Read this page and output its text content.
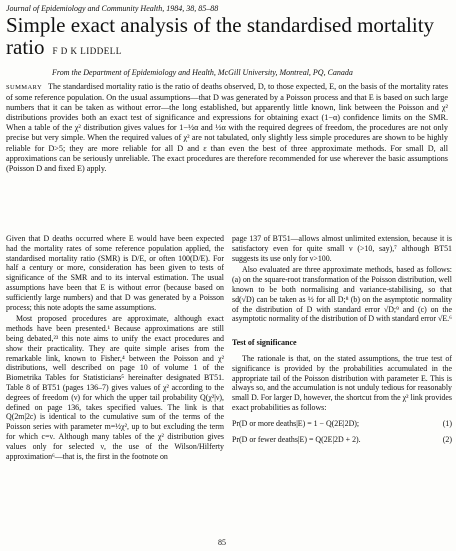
Journal of Epidemiology and Community Health, 1984, 38, 85–88
Simple exact analysis of the standardised mortality
ratio F D K LIDDELL
From the Department of Epidemiology and Health, McGill University, Montreal, PQ, Canada
SUMMARY The standardised mortality ratio is the ratio of deaths observed, D, to those expected, E, on the basis of the mortality rates of some reference population. On the usual assumptions—that D was generated by a Poisson process and that E is based on such large numbers that it can be taken as without error—the long established, but apparently little known, link between the Poisson and χ² distributions provides both an exact test of significance and expressions for obtaining exact (1−α) confidence limits on the SMR. When a table of the χ² distribution gives values for 1−½α and ½α with the required degrees of freedom, the procedures are not only precise but very simple. When the required values of χ² are not tabulated, only slightly less simple procedures are shown to be highly reliable for D>5; they are more reliable for all D and ε than even the best of three approximate methods. For small D, all approximations can be seriously unreliable. The exact procedures are therefore recommended for use wherever the basic assumptions (Poisson D and fixed E) apply.

Given that D deaths occurred where E would have been expected had the mortality rates of some reference population applied, the standardised mortality ratio (SMR) is D/E, or often 100(D/E). For half a century or more, consideration has been given to tests of significance of the SMR and to its interval estimation. The usual assumptions have been that E is without error (because based on sufficiently large numbers) and that D was generated by a Poisson process; this note adopts the same assumptions.

Most proposed procedures are approximate, although exact methods have been presented.¹ Because approximations are still being debated,²³ this note aims to unify the exact procedures and show their practicality. They are quite simple arises from the remarkable link, known to Fisher,⁴ between the Poisson and χ² distributions, well described on page 10 of volume 1 of the Biometrika Tables for Statisticians⁵ hereinafter designated BT51. Table 8 of BT51 (pages 136–7) gives values of χ² according to the degrees of freedom (ν) for which the upper tail probability Q(χ²|ν), defined on page 136, takes specified values. The link is that Q(2m|2c) is identical to the cumulative sum of the terms of the Poisson series with parameter m=½χ², up to but excluding the term for which c=ν. Although many tables of the χ² distribution gives values only for selected ν, the use of the Wilson/Hilferty approximation⁶—that is, the first in the footnote on

page 137 of BT51—allows almost unlimited extension, because it is satisfactory even for quite small ν (>10, say),⁷ although BT51 suggests its use only for ν>100.

Also evaluated are three approximate methods, based as follows: (a) on the square-root transformation of the Poisson distribution, well known to be both normalising and variance-stabilising, so that sd(√D) can be taken as ½ for all D;⁸ (b) on the asymptotic normality of the distribution of D with standard error √D;⁹ and (c) on the asymptotic normality of the distribution of D with standard error √E.⁶

Test of significance

The rationale is that, on the stated assumptions, the true test of significance is provided by the probabilities accumulated in the appropriate tail of the Poisson distribution with parameter E. This is always so, and the accumulation is not unduly tedious for reasonably small D. For larger D, however, the shortcut from the χ² link provides exact probabilities as follows:

Pr(D or more deaths|E) = 1 − Q(2E|2D);	(1)
Pr(D or fewer deaths|E) = Q(2E|2D + 2).	(2)
85
